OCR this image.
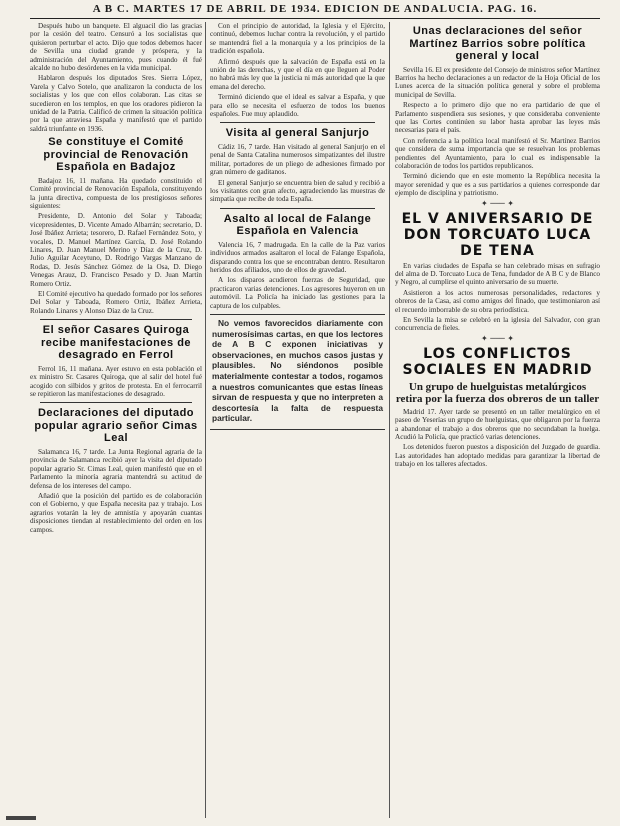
A B C. MARTES 17 DE ABRIL DE 1934. EDICION DE ANDALUCIA. PAG. 16.

Después hubo un banquete. El alguacil dio las gracias por la cesión del teatro. Censuró a los socialistas que quisieron perturbar el acto. Dijo que todos debemos hacer de Sevilla una ciudad grande y próspera, y la administración del Ayuntamiento, pues cuando él fué alcalde no hubo desórdenes en la vida municipal.

Hablaron después los diputados Sres. Sierra López, Varela y Calvo Sotelo, que analizaron la conducta de los socialistas y los que con ellos colaboran. Las citas se sucedieron en los templos, en que los oradores pidieron la unidad de la Patria. Calificó de crimen la situación política por la que atraviesa España y manifestó que el partido saldrá triunfante en 1936.

Se constituye el Comité provincial de Renovación Española en Badajoz

Badajoz 16, 11 mañana. Ha quedado constituido el Comité provincial de Renovación Española, constituyendo la junta directiva, compuesta de los prestigiosos señores siguientes:

Presidente, D. Antonio del Solar y Taboada; vicepresidentes, D. Vicente Amado Albarrán; secretario, D. José Ibáñez Arrieta; tesorero, D. Rafael Fernández Soto, y vocales, D. Manuel Martínez García, D. José Rolando Linares, D. Juan Manuel Merino y Díaz de la Cruz, D. Julio Aguilar Aceytuno, D. Rodrigo Vargas Manzano de Rodas, D. Jesús Sánchez Gómez de la Osa, D. Diego Venegas Arauz, D. Francisco Pesado y D. Juan Martín Romero Ortiz.

El Comité ejecutivo ha quedado formado por los señores Del Solar y Taboada, Romero Ortiz, Ibáñez Arrieta, Rolando Linares y Alonso Díaz de la Cruz.

El señor Casares Quiroga recibe manifestaciones de desagrado en Ferrol

Ferrol 16, 11 mañana. Ayer estuvo en esta población el ex ministro Sr. Casares Quiroga, que al salir del hotel fué acogido con silbidos y gritos de protesta. En el ferrocarril se repitieron las manifestaciones de desagrado.

Declaraciones del diputado popular agrario señor Cimas Leal

Salamanca 16, 7 tarde. La Junta Regional agraria de la provincia de Salamanca recibió ayer la visita del diputado popular agrario Sr. Cimas Leal, quien manifestó que en el Parlamento la minoría agraria mantendrá su actitud de defensa de los intereses del campo.

Añadió que la posición del partido es de colaboración con el Gobierno, y que España necesita paz y trabajo. Los agrarios votarán la ley de amnistía y apoyarán cuantas disposiciones tiendan al restablecimiento del orden en los campos.

Con el principio de autoridad, la Iglesia y el Ejército, continuó, debemos luchar contra la revolución, y el partido se mantendrá fiel a la monarquía y a los principios de la tradición española.

Afirmó después que la salvación de España está en la unión de las derechas, y que el día en que lleguen al Poder no habrá más ley que la justicia ni más autoridad que la que emana del derecho.

Terminó diciendo que el ideal es salvar a España, y que para ello se necesita el esfuerzo de todos los buenos españoles. Fue muy aplaudido.

Visita al general Sanjurjo

Cádiz 16, 7 tarde. Han visitado al general Sanjurjo en el penal de Santa Catalina numerosos simpatizantes del ilustre militar, portadores de un pliego de adhesiones firmado por gran número de gaditanos.

El general Sanjurjo se encuentra bien de salud y recibió a los visitantes con gran afecto, agradeciendo las muestras de simpatía que recibe de toda España.

Asalto al local de Falange Española en Valencia

Valencia 16, 7 madrugada. En la calle de la Paz varios individuos armados asaltaron el local de Falange Española, disparando contra los que se encontraban dentro. Resultaron heridos dos afiliados, uno de ellos de gravedad.

A los disparos acudieron fuerzas de Seguridad, que practicaron varias detenciones. Los agresores huyeron en un automóvil. La Policía ha iniciado las gestiones para la captura de los culpables.

No vemos favorecidos diariamente con numerosísimas cartas, en que los lectores de A B C exponen iniciativas y observaciones, en muchos casos justas y plausibles. No siéndonos posible materialmente contestar a todos, rogamos a nuestros comunicantes que estas líneas sirvan de respuesta y que no interpreten a descortesía la falta de respuesta particular.

Unas declaraciones del señor Martínez Barrios sobre política general y local

Sevilla 16. El ex presidente del Consejo de ministros señor Martínez Barrios ha hecho declaraciones a un redactor de la Hoja Oficial de los Lunes acerca de la situación política general y sobre el problema municipal de Sevilla.

Respecto a lo primero dijo que no era partidario de que el Parlamento suspendiera sus sesiones, y que consideraba conveniente que las Cortes continúen su labor hasta aprobar las leyes más necesarias para el país.

Con referencia a la política local manifestó el Sr. Martínez Barrios que considera de suma importancia que se resuelvan los problemas pendientes del Ayuntamiento, para lo cual es indispensable la colaboración de todos los partidos republicanos.

Terminó diciendo que en este momento la República necesita la mayor serenidad y que es a sus partidarios a quienes corresponde dar ejemplo de disciplina y patriotismo.

✦ ─── ✦
EL V ANIVERSARIO DE DON TORCUATO LUCA DE TENA

En varias ciudades de España se han celebrado misas en sufragio del alma de D. Torcuato Luca de Tena, fundador de A B C y de Blanco y Negro, al cumplirse el quinto aniversario de su muerte.

Asistieron a los actos numerosas personalidades, redactores y obreros de la Casa, así como amigos del finado, que testimoniaron así el recuerdo imborrable de su obra periodística.

En Sevilla la misa se celebró en la iglesia del Salvador, con gran concurrencia de fieles.

✦ ─── ✦
LOS CONFLICTOS SOCIALES EN MADRID
Un grupo de huelguistas metalúrgicos retira por la fuerza dos obreros de un taller

Madrid 17. Ayer tarde se presentó en un taller metalúrgico en el paseo de Yeserías un grupo de huelguistas, que obligaron por la fuerza a abandonar el trabajo a dos obreros que no secundaban la huelga. Acudió la Policía, que practicó varias detenciones.

Los detenidos fueron puestos a disposición del Juzgado de guardia. Las autoridades han adoptado medidas para garantizar la libertad de trabajo en los talleres afectados.
